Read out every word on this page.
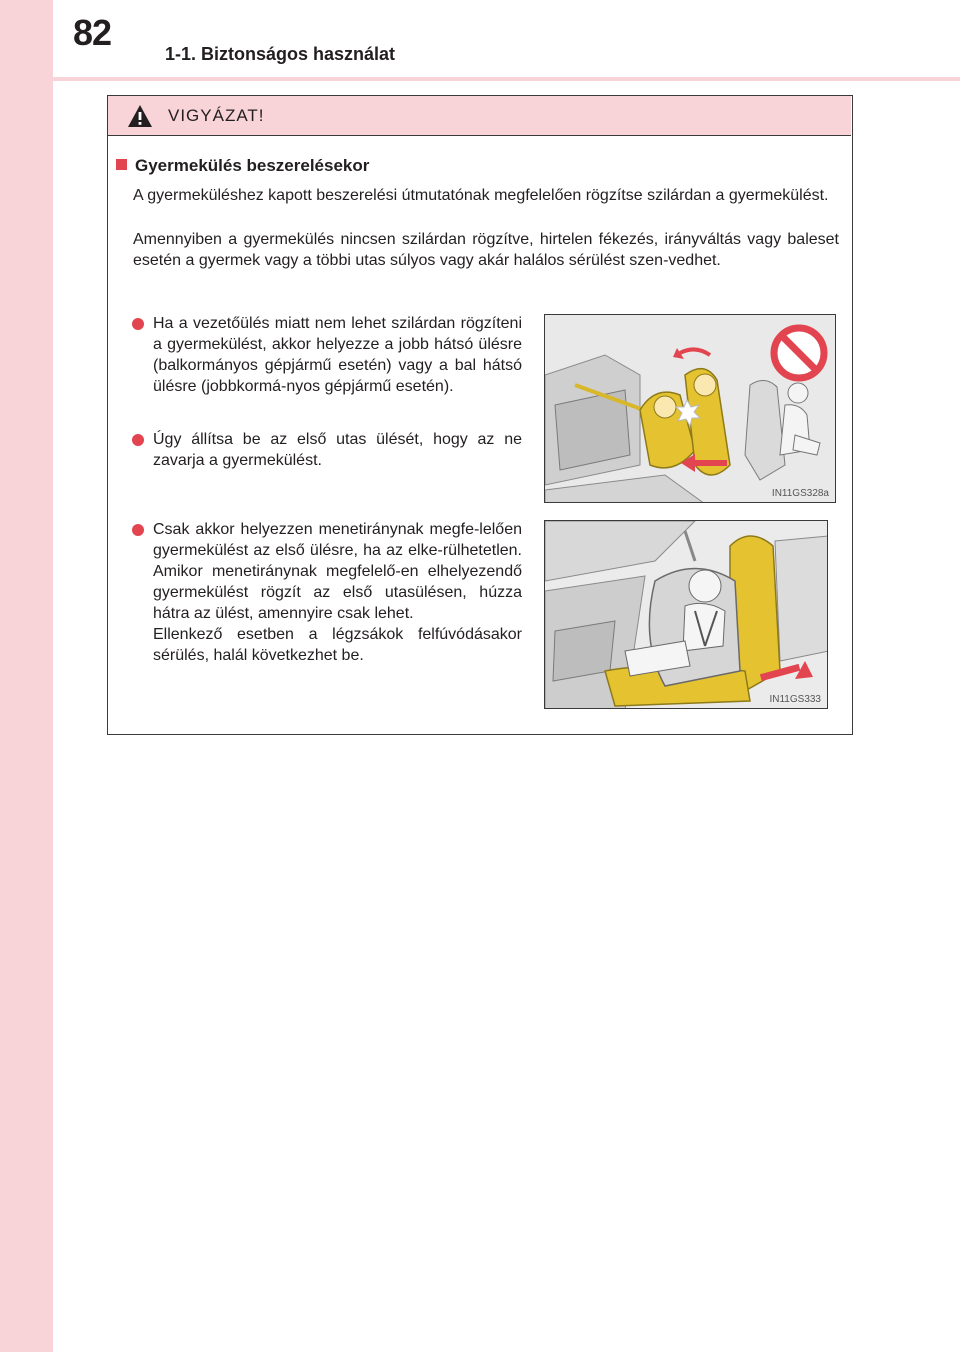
82
1-1. Biztonságos használat
VIGYÁZAT!
Gyermekülés beszerelésekor
A gyermeküléshez kapott beszerelési útmutatónak megfelelően rögzítse szilárdan a gyermekülést.
Amennyiben a gyermekülés nincsen szilárdan rögzítve, hirtelen fékezés, irányváltás vagy baleset esetén a gyermek vagy a többi utas súlyos vagy akár halálos sérülést szen-vedhet.
Ha a vezetőülés miatt nem lehet szilárdan rögzíteni a gyermekülést, akkor helyezze a jobb hátsó ülésre (balkormányos gépjármű esetén) vagy a bal hátsó ülésre (jobbkormá-nyos gépjármű esetén).
Úgy állítsa be az első utas ülését, hogy az ne zavarja a gyermekülést.
Csak akkor helyezzen menetiránynak megfe-lelően gyermekülést az első ülésre, ha az elke-rülhetetlen. Amikor menetiránynak megfelelő-en elhelyezendő gyermekülést rögzít az első utasülésen, húzza hátra az ülést, amennyire csak lehet.
Ellenkező esetben a légzsákok felfúvódásakor sérülés, halál következhet be.
IN11GS328a
IN11GS333
